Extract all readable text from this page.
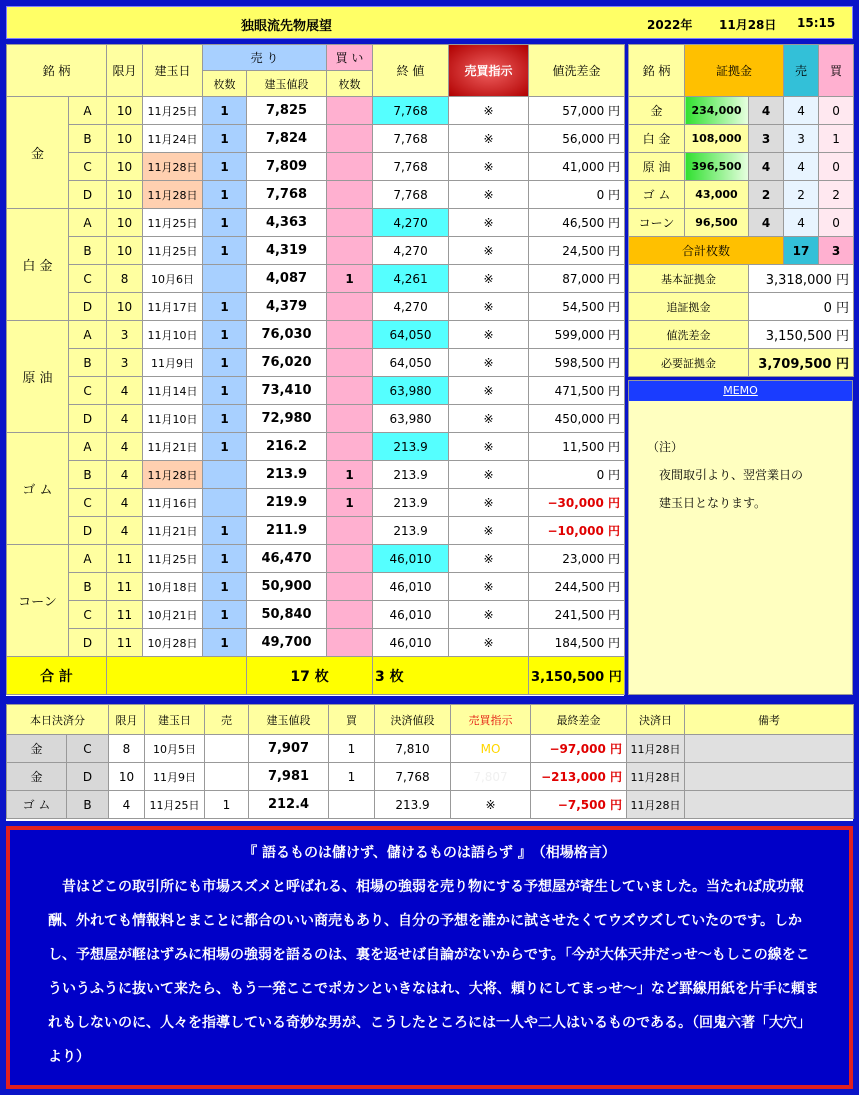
独眼流先物展望	2022年 11月28日 15:15
銘 柄		限月	建玉日	売 り		買 い	終 値	売買指示	値洗差金
				枚数	建玉値段	枚数			
金	A	10	11月25日	1	7,825		7,768	※	57,000 円
	B	10	11月24日	1	7,824		7,768	※	56,000 円
	C	10	11月28日	1	7,809		7,768	※	41,000 円
	D	10	11月28日	1	7,768		7,768	※	0 円
白 金	A	10	11月25日	1	4,363		4,270	※	46,500 円
	B	10	11月25日	1	4,319		4,270	※	24,500 円
	C	8	10月6日		4,087	1	4,261	※	87,000 円
	D	10	11月17日	1	4,379		4,270	※	54,500 円
原 油	A	3	11月10日	1	76,030		64,050	※	599,000 円
	B	3	11月9日	1	76,020		64,050	※	598,500 円
	C	4	11月14日	1	73,410		63,980	※	471,500 円
	D	4	11月10日	1	72,980		63,980	※	450,000 円
ゴ ム	A	4	11月21日	1	216.2		213.9	※	11,500 円
	B	4	11月28日		213.9	1	213.9	※	0 円
	C	4	11月16日		219.9	1	213.9	※	−30,000 円
	D	4	11月21日	1	211.9		213.9	※	−10,000 円
コーン	A	11	11月25日	1	46,470		46,010	※	23,000 円
	B	11	10月18日	1	50,900		46,010	※	244,500 円
	C	11	10月21日	1	50,840		46,010	※	241,500 円
	D	11	10月28日	1	49,700		46,010	※	184,500 円
合 計					17 枚		3 枚		3,150,500 円
銘 柄	証拠金		売	買
金	234,000	4	4	0
白 金	108,000	3	3	1
原 油	396,500	4	4	0
ゴ ム	43,000	2	2	2
コーン	96,500	4	4	0
合計枚数			17	3
基本証拠金		3,318,000 円		
追証拠金		0 円		
値洗差金		3,150,500 円		
必要証拠金		3,709,500 円		
MEMO
（注）
　夜間取引より、翌営業日の
　建玉日となります。
本日決済分		限月	建玉日	売	建玉値段	買	決済値段	売買指示	最終差金	決済日	備考
金	C	8	10月5日		7,907	1	7,810	MO	−97,000 円	11月28日	
金	D	10	11月9日		7,981	1	7,768	7,807	−213,000 円	11月28日	
ゴ ム	B	4	11月25日	1	212.4		213.9	※	−7,500 円	11月28日	
『 語るものは儲けず、儲けるものは語らず 』　（相場格言）
　昔はどこの取引所にも市場スズメと呼ばれる、相場の強弱を売り物にする予想屋が寄生していました。当たれば成功報酬、外れても情報料とまことに都合のいい商売もあり、自分の予想を誰かに試させたくてウズウズしていたのです。しかし、予想屋が軽はずみに相場の強弱を語るのは、裏を返せば自論がないからです。「今が大体天井だっせ～もしこの線をこういうふうに抜いて来たら、もう一発ここでポカンといきなはれ、大将、頼りにしてまっせ～」など罫線用紙を片手に頼まれもしないのに、人々を指導している奇妙な男が、こうしたところには一人や二人はいるものである。（回鬼六著「大穴」より）
